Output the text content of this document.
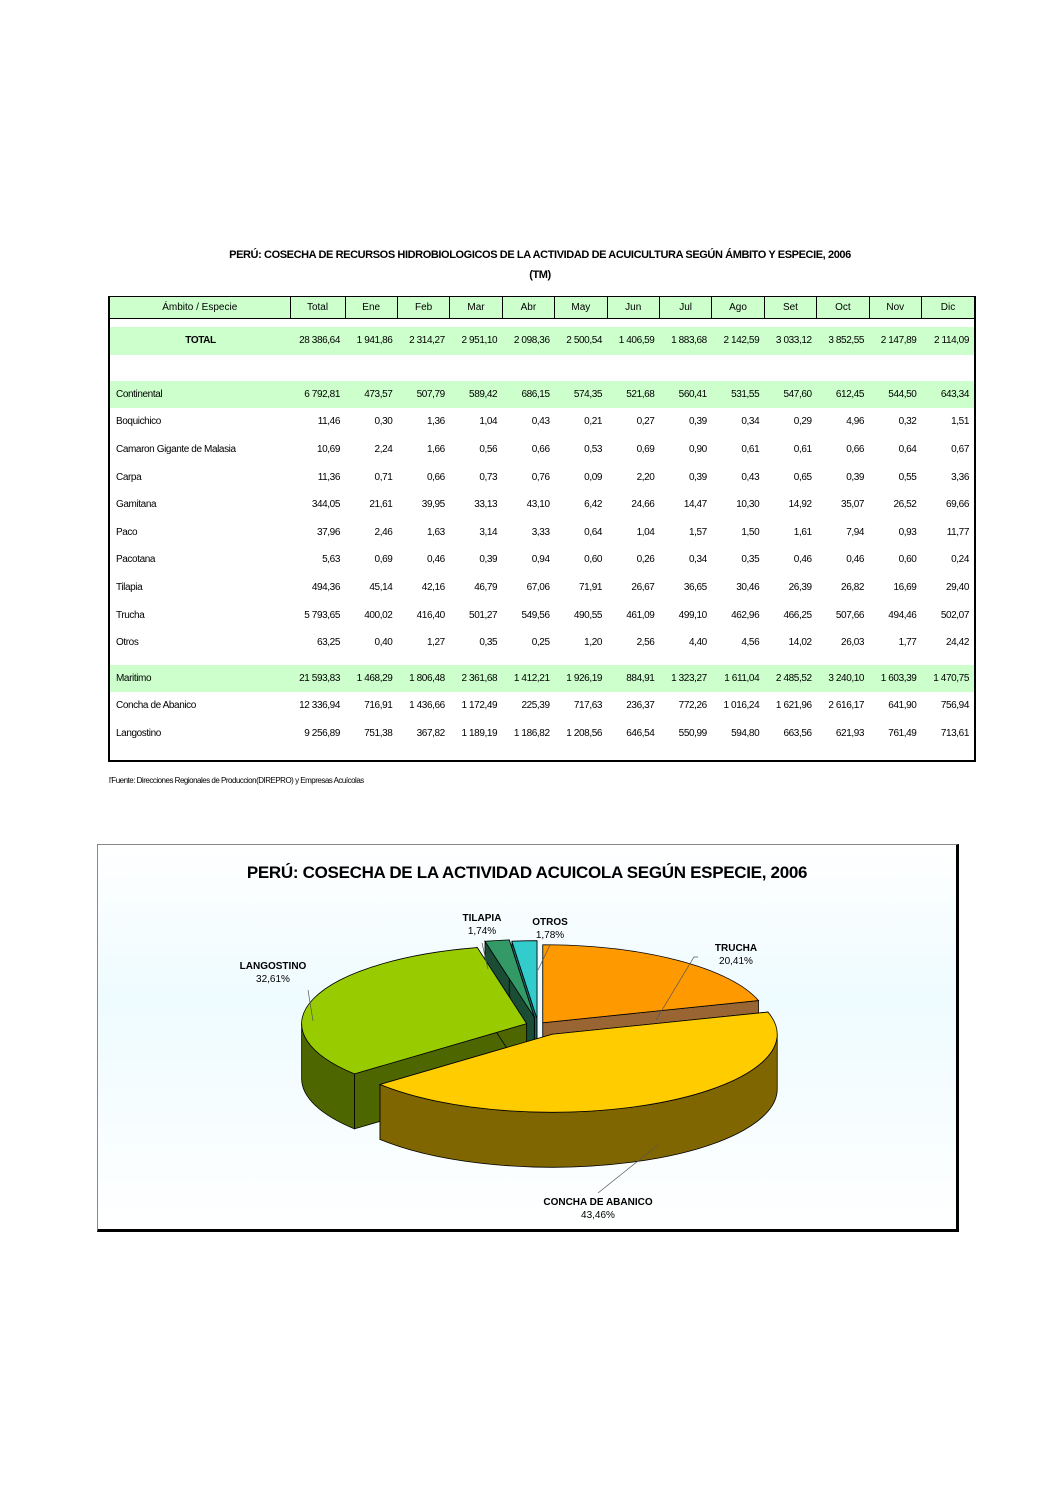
PERÚ: COSECHA DE RECURSOS HIDROBIOLOGICOS DE LA ACTIVIDAD DE ACUICULTURA SEGÚN ÁMBITO Y ESPECIE, 2006
(TM)
Ámbito / Especie	Total	Ene	Feb	Mar	Abr	May	Jun	Jul	Ago	Set	Oct	Nov	Dic

TOTAL	28 386,64	1 941,86	2 314,27	2 951,10	2 098,36	2 500,54	1 406,59	1 883,68	2 142,59	3 033,12	3 852,55	2 147,89	2 114,09

Continental	6 792,81	473,57	507,79	589,42	686,15	574,35	521,68	560,41	531,55	547,60	612,45	544,50	643,34
Boquichico	11,46	0,30	1,36	1,04	0,43	0,21	0,27	0,39	0,34	0,29	4,96	0,32	1,51
Camaron Gigante de Malasia	10,69	2,24	1,66	0,56	0,66	0,53	0,69	0,90	0,61	0,61	0,66	0,64	0,67
Carpa	11,36	0,71	0,66	0,73	0,76	0,09	2,20	0,39	0,43	0,65	0,39	0,55	3,36
Gamitana	344,05	21,61	39,95	33,13	43,10	6,42	24,66	14,47	10,30	14,92	35,07	26,52	69,66
Paco	37,96	2,46	1,63	3,14	3,33	0,64	1,04	1,57	1,50	1,61	7,94	0,93	11,77
Pacotana	5,63	0,69	0,46	0,39	0,94	0,60	0,26	0,34	0,35	0,46	0,46	0,60	0,24
Tilapia	494,36	45,14	42,16	46,79	67,06	71,91	26,67	36,65	30,46	26,39	26,82	16,69	29,40
Trucha	5 793,65	400,02	416,40	501,27	549,56	490,55	461,09	499,10	462,96	466,25	507,66	494,46	502,07
Otros	63,25	0,40	1,27	0,35	0,25	1,20	2,56	4,40	4,56	14,02	26,03	1,77	24,42

Maritimo	21 593,83	1 468,29	1 806,48	2 361,68	1 412,21	1 926,19	884,91	1 323,27	1 611,04	2 485,52	3 240,10	1 603,39	1 470,75
Concha de Abanico	12 336,94	716,91	1 436,66	1 172,49	225,39	717,63	236,37	772,26	1 016,24	1 621,96	2 616,17	641,90	756,94
Langostino	9 256,89	751,38	367,82	1 189,19	1 186,82	1 208,56	646,54	550,99	594,80	663,56	621,93	761,49	713,61
l'Fuente: Direcciones Regionales de Produccion(DIREPRO) y Empresas Acuícolas
PERÚ: COSECHA DE LA ACTIVIDAD ACUICOLA SEGÚN ESPECIE, 2006
TRUCHA
20,41%
CONCHA DE ABANICO
43,46%
LANGOSTINO
32,61%
TILAPIA
1,74%
OTROS
1,78%
